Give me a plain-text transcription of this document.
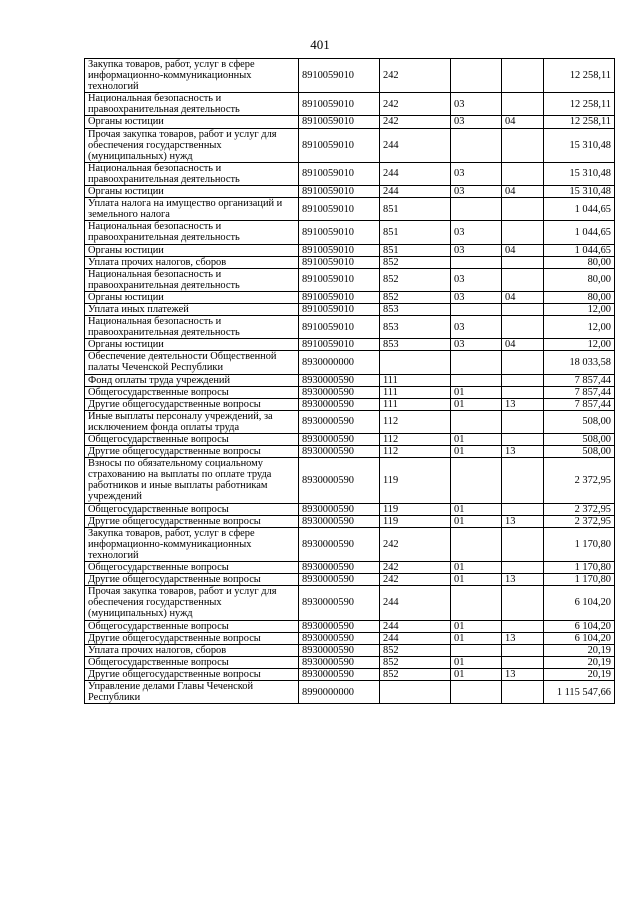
401
Закупка товаров, работ, услуг в сфере информационно-коммуникационных технологий	8910059010	242			12 258,11
Национальная безопасность и правоохранительная деятельность	8910059010	242	03		12 258,11
Органы юстиции	8910059010	242	03	04	12 258,11
Прочая закупка товаров, работ и услуг для обеспечения государственных (муниципальных) нужд	8910059010	244			15 310,48
Национальная безопасность и правоохранительная деятельность	8910059010	244	03		15 310,48
Органы юстиции	8910059010	244	03	04	15 310,48
Уплата налога на имущество организаций и земельного налога	8910059010	851			1 044,65
Национальная безопасность и правоохранительная деятельность	8910059010	851	03		1 044,65
Органы юстиции	8910059010	851	03	04	1 044,65
Уплата прочих налогов, сборов	8910059010	852			80,00
Национальная безопасность и правоохранительная деятельность	8910059010	852	03		80,00
Органы юстиции	8910059010	852	03	04	80,00
Уплата иных платежей	8910059010	853			12,00
Национальная безопасность и правоохранительная деятельность	8910059010	853	03		12,00
Органы юстиции	8910059010	853	03	04	12,00
Обеспечение деятельности Общественной палаты Чеченской Республики	8930000000				18 033,58
Фонд оплаты труда учреждений	8930000590	111			7 857,44
Общегосударственные вопросы	8930000590	111	01		7 857,44
Другие общегосударственные вопросы	8930000590	111	01	13	7 857,44
Иные выплаты персоналу учреждений, за исключением фонда оплаты труда	8930000590	112			508,00
Общегосударственные вопросы	8930000590	112	01		508,00
Другие общегосударственные вопросы	8930000590	112	01	13	508,00
Взносы по обязательному социальному страхованию на выплаты по оплате труда работников и иные выплаты работникам учреждений	8930000590	119			2 372,95
Общегосударственные вопросы	8930000590	119	01		2 372,95
Другие общегосударственные вопросы	8930000590	119	01	13	2 372,95
Закупка товаров, работ, услуг в сфере информационно-коммуникационных технологий	8930000590	242			1 170,80
Общегосударственные вопросы	8930000590	242	01		1 170,80
Другие общегосударственные вопросы	8930000590	242	01	13	1 170,80
Прочая закупка товаров, работ и услуг для обеспечения государственных (муниципальных) нужд	8930000590	244			6 104,20
Общегосударственные вопросы	8930000590	244	01		6 104,20
Другие общегосударственные вопросы	8930000590	244	01	13	6 104,20
Уплата прочих налогов, сборов	8930000590	852			20,19
Общегосударственные вопросы	8930000590	852	01		20,19
Другие общегосударственные вопросы	8930000590	852	01	13	20,19
Управление делами Главы Чеченской Республики	8990000000				1 115 547,66
